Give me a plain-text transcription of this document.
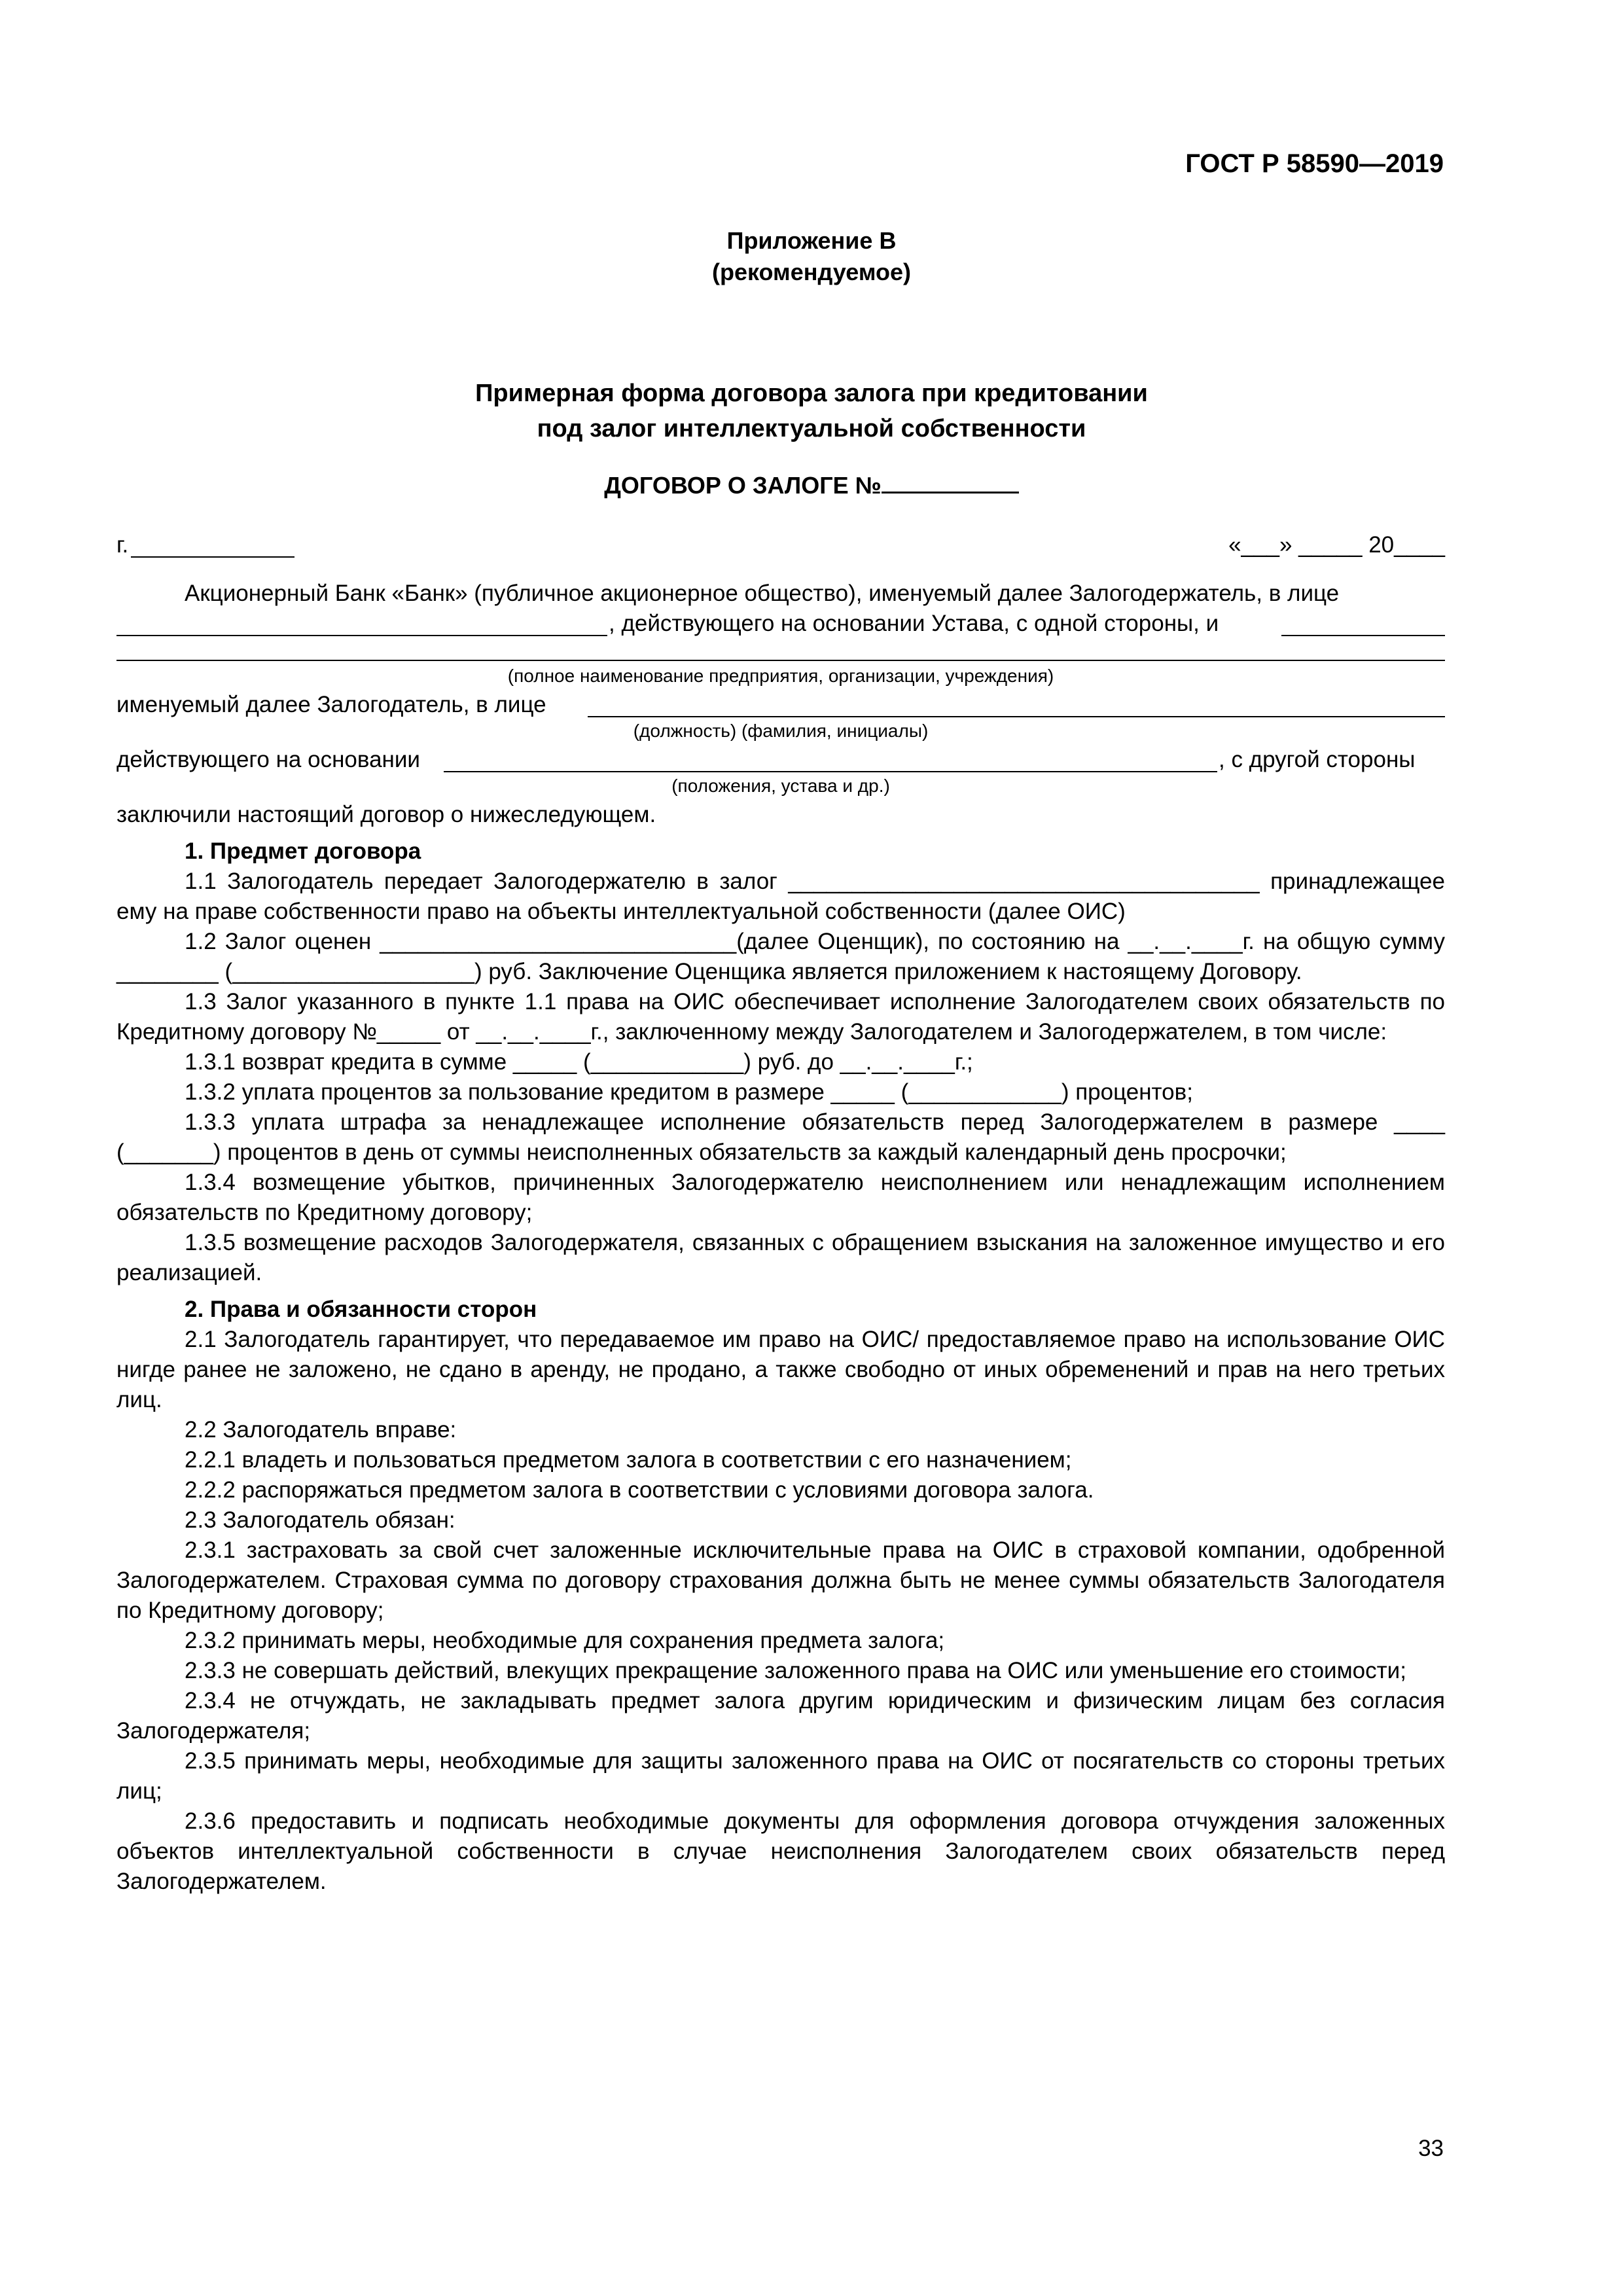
ГОСТ Р 58590—2019
Приложение В
(рекомендуемое)
Примерная форма договора залога при кредитовании
под залог интеллектуальной собственности
ДОГОВОР О ЗАЛОГЕ №
г.	«___» _____ 20____

Акционерный Банк «Банк» (публичное акционерное общество), именуемый далее Залогодержатель, в лице

, действующего на основании Устава, с одной стороны, и
(полное наименование предприятия, организации, учреждения)
именуемый далее Залогодатель, в лице
(должность) (фамилия, инициалы)
действующего на основании	, с другой стороны
(положения, устава и др.)

заключили настоящий договор о нижеследующем.

1. Предмет договора

1.1 Залогодатель передает Залогодержателю в залог _____________________________________ принадлежащее ему на праве собственности право на объекты интеллектуальной собственности (далее ОИС)

1.2 Залог оценен ____________________________(далее Оценщик), по состоянию на __.__.____г. на общую сумму ________ (___________________) руб. Заключение Оценщика является приложением к настоящему Договору.

1.3 Залог указанного в пункте 1.1 права на ОИС обеспечивает исполнение Залогодателем своих обязательств по Кредитному договору №_____ от __.__.____г., заключенному между Залогодателем и Залогодержателем, в том числе:

1.3.1 возврат кредита в сумме _____ (____________) руб. до __.__.____г.;

1.3.2 уплата процентов за пользование кредитом в размере _____ (____________) процентов;

1.3.3 уплата штрафа за ненадлежащее исполнение обязательств перед Залогодержателем в размере ____ (_______) процентов в день от суммы неисполненных обязательств за каждый календарный день просрочки;

1.3.4 возмещение убытков, причиненных Залогодержателю неисполнением или ненадлежащим исполнением обязательств по Кредитному договору;

1.3.5 возмещение расходов Залогодержателя, связанных с обращением взыскания на заложенное имущество и его реализацией.

2. Права и обязанности сторон

2.1 Залогодатель гарантирует, что передаваемое им право на ОИС/ предоставляемое право на использование ОИС нигде ранее не заложено, не сдано в аренду, не продано, а также свободно от иных обременений и прав на него третьих лиц.

2.2 Залогодатель вправе:

2.2.1 владеть и пользоваться предметом залога в соответствии с его назначением;

2.2.2 распоряжаться предметом залога в соответствии с условиями договора залога.

2.3 Залогодатель обязан:

2.3.1 застраховать за свой счет заложенные исключительные права на ОИС в страховой компании, одобренной Залогодержателем. Страховая сумма по договору страхования должна быть не менее суммы обязательств Залогодателя по Кредитному договору;

2.3.2 принимать меры, необходимые для сохранения предмета залога;

2.3.3 не совершать действий, влекущих прекращение заложенного права на ОИС или уменьшение его стоимости;

2.3.4 не отчуждать, не закладывать предмет залога другим юридическим и физическим лицам без согласия Залогодержателя;

2.3.5 принимать меры, необходимые для защиты заложенного права на ОИС от посягательств со стороны третьих лиц;

2.3.6 предоставить и подписать необходимые документы для оформления договора отчуждения заложенных объектов интеллектуальной собственности в случае неисполнения Залогодателем своих обязательств перед Залогодержателем.

33
